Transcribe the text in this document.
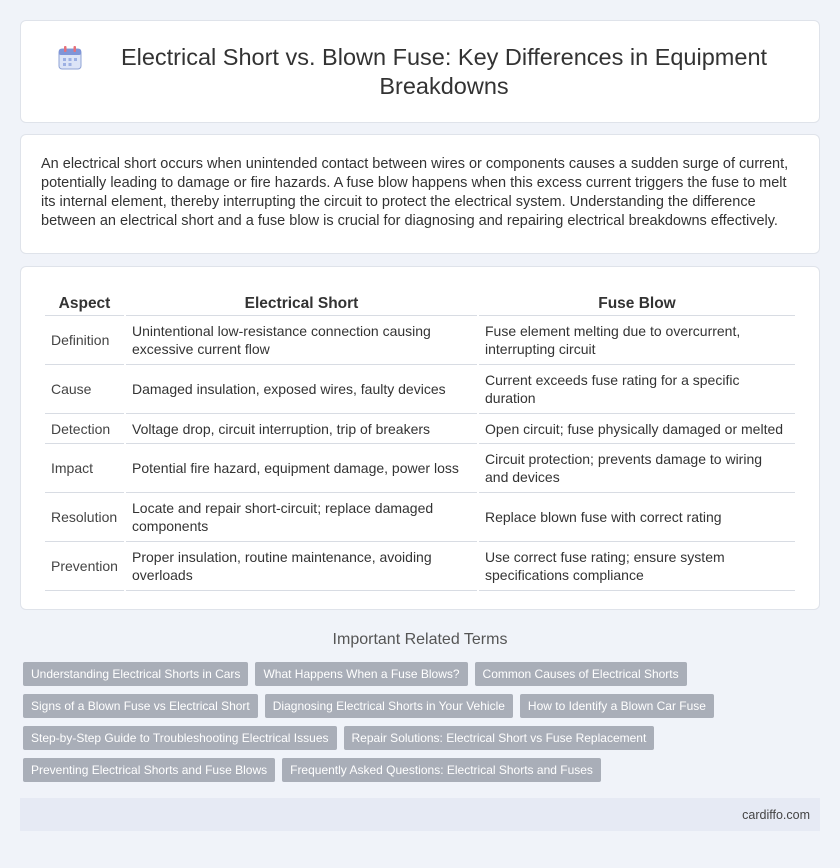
Electrical Short vs. Blown Fuse: Key Differences in Equipment Breakdowns

An electrical short occurs when unintended contact between wires or components causes a sudden surge of current, potentially leading to damage or fire hazards. A fuse blow happens when this excess current triggers the fuse to melt its internal element, thereby interrupting the circuit to protect the electrical system. Understanding the difference between an electrical short and a fuse blow is crucial for diagnosing and repairing electrical breakdowns effectively.

Aspect	Electrical Short	Fuse Blow
Definition	Unintentional low-resistance connection causing excessive current flow	Fuse element melting due to overcurrent, interrupting circuit
Cause	Damaged insulation, exposed wires, faulty devices	Current exceeds fuse rating for a specific duration
Detection	Voltage drop, circuit interruption, trip of breakers	Open circuit; fuse physically damaged or melted
Impact	Potential fire hazard, equipment damage, power loss	Circuit protection; prevents damage to wiring and devices
Resolution	Locate and repair short-circuit; replace damaged components	Replace blown fuse with correct rating
Prevention	Proper insulation, routine maintenance, avoiding overloads	Use correct fuse rating; ensure system specifications compliance
Important Related Terms
Understanding Electrical Shorts in Cars	What Happens When a Fuse Blows?	Common Causes of Electrical Shorts
Signs of a Blown Fuse vs Electrical Short	Diagnosing Electrical Shorts in Your Vehicle	How to Identify a Blown Car Fuse
Step-by-Step Guide to Troubleshooting Electrical Issues	Repair Solutions: Electrical Short vs Fuse Replacement
Preventing Electrical Shorts and Fuse Blows	Frequently Asked Questions: Electrical Shorts and Fuses
cardiffo.com
